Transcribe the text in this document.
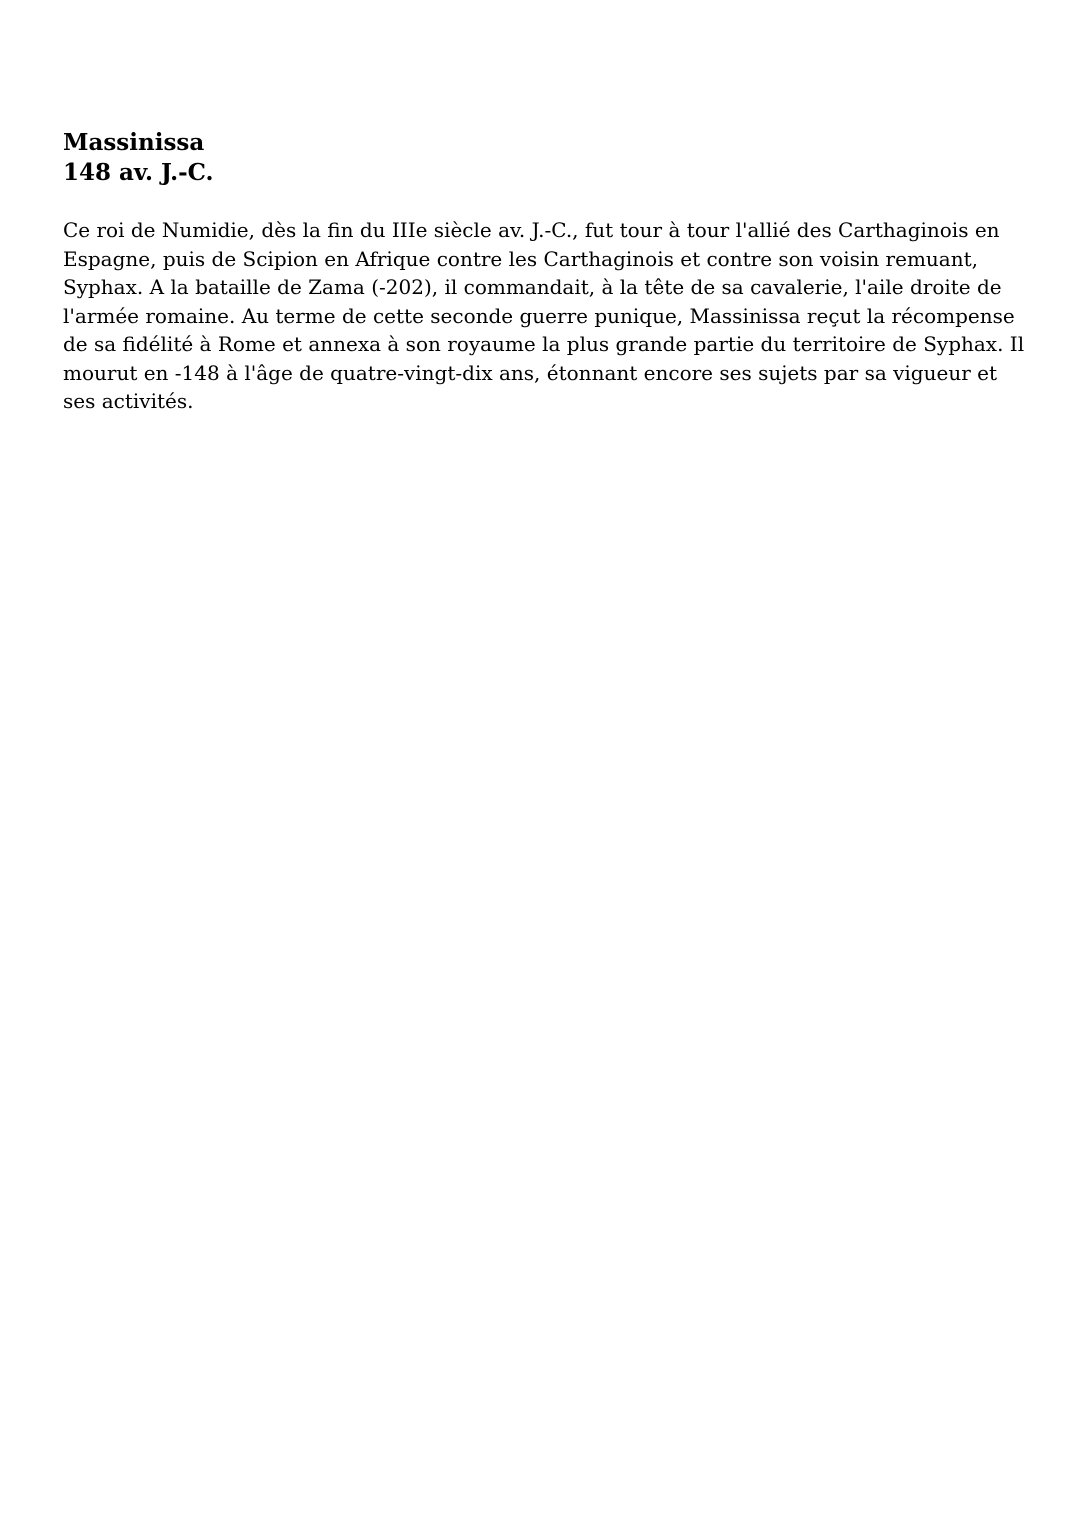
Massinissa
148 av. J.-C.

Ce roi de Numidie, dès la fin du IIIe siècle av. J.-C., fut tour à tour l'allié des Carthaginois en
Espagne, puis de Scipion en Afrique contre les Carthaginois et contre son voisin remuant,
Syphax. A la bataille de Zama (-202), il commandait, à la tête de sa cavalerie, l'aile droite de
l'armée romaine. Au terme de cette seconde guerre punique, Massinissa reçut la récompense
de sa fidélité à Rome et annexa à son royaume la plus grande partie du territoire de Syphax. Il
mourut en -148 à l'âge de quatre-vingt-dix ans, étonnant encore ses sujets par sa vigueur et
ses activités.
